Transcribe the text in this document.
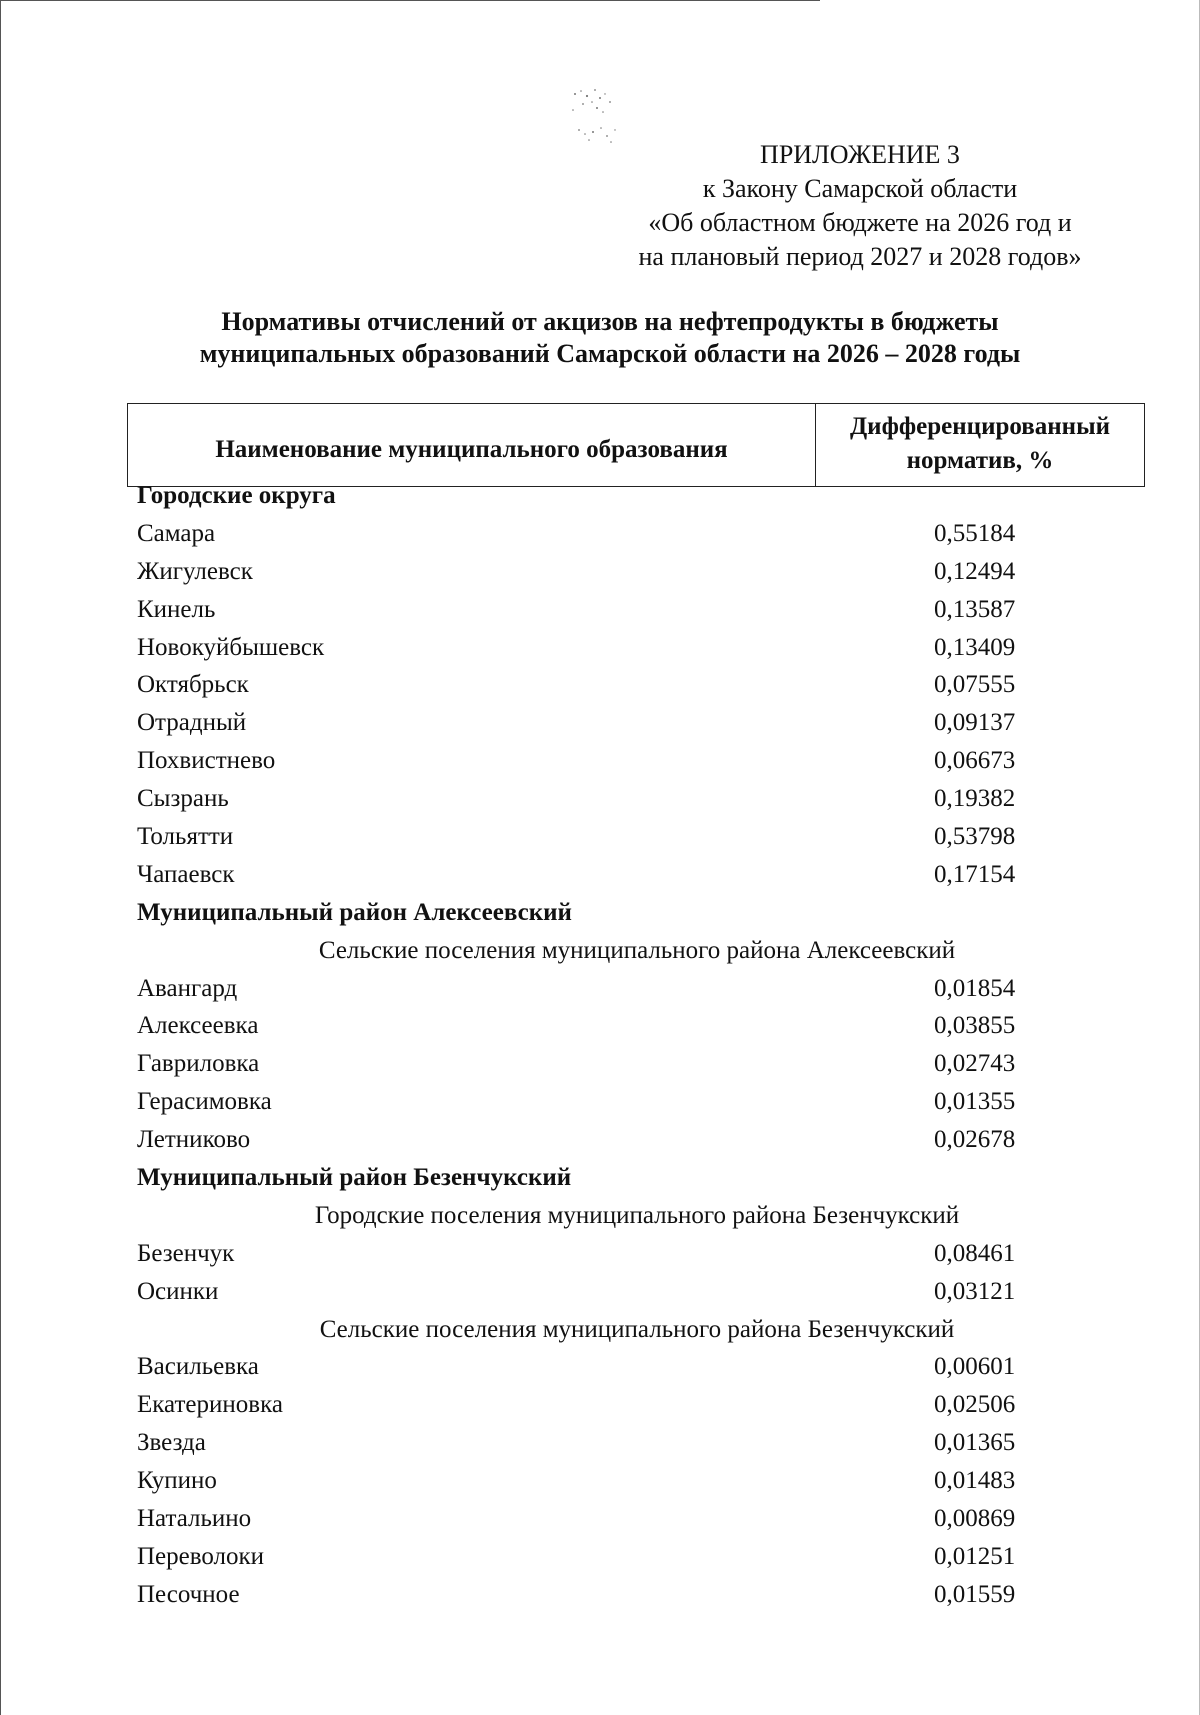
ПРИЛОЖЕНИЕ 3
к Закону Самарской области
«Об областном бюджете на 2026 год и
на плановый период 2027 и 2028 годов»
Нормативы отчислений от акцизов на нефтепродукты в бюджеты
муниципальных образований Самарской области на 2026 – 2028 годы
Наименование муниципального образования	
Дифференцированный
норматив, %
Городские округа
Самара	0,55184
Жигулевск	0,12494
Кинель	0,13587
Новокуйбышевск	0,13409
Октябрьск	0,07555
Отрадный	0,09137
Похвистнево	0,06673
Сызрань	0,19382
Тольятти	0,53798
Чапаевск	0,17154
Муниципальный район Алексеевский
Сельские поселения муниципального района Алексеевский
Авангард	0,01854
Алексеевка	0,03855
Гавриловка	0,02743
Герасимовка	0,01355
Летниково	0,02678
Муниципальный район Безенчукский
Городские поселения муниципального района Безенчукский
Безенчук	0,08461
Осинки	0,03121
Сельские поселения муниципального района Безенчукский
Васильевка	0,00601
Екатериновка	0,02506
Звезда	0,01365
Купино	0,01483
Натальино	0,00869
Переволоки	0,01251
Песочное	0,01559
